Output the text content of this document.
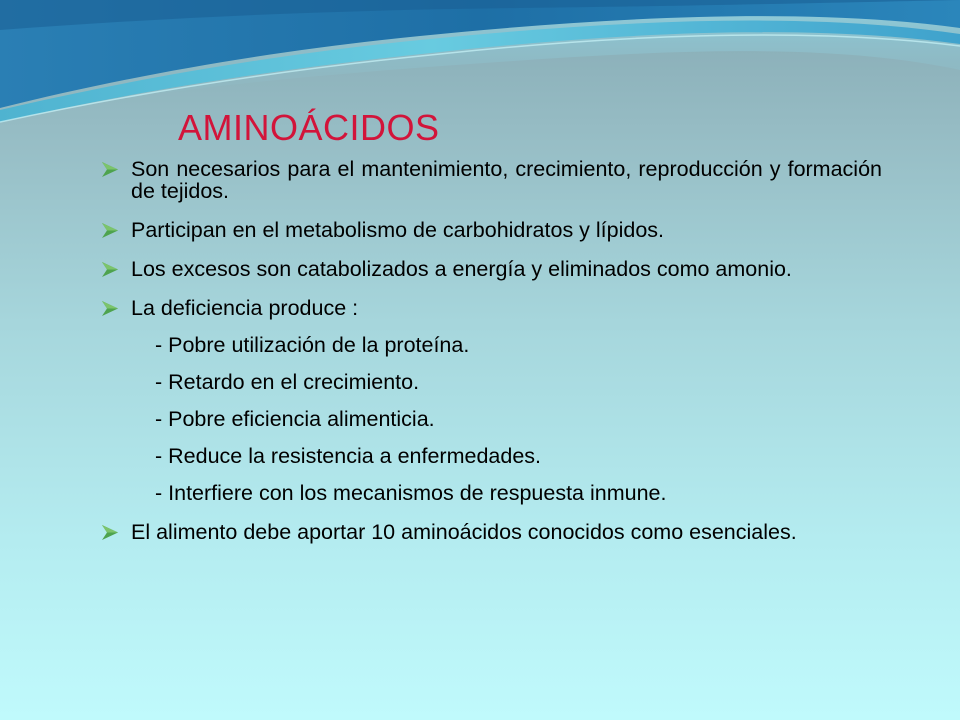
AMINOÁCIDOS
Son necesarios para el mantenimiento, crecimiento, reproducción y formación de tejidos.
Participan en el metabolismo de carbohidratos y lípidos.
Los excesos son catabolizados a energía y eliminados como amonio.
La deficiencia produce :
- Pobre utilización de la proteína.
- Retardo en el crecimiento.
- Pobre eficiencia alimenticia.
- Reduce la resistencia a enfermedades.
- Interfiere con los mecanismos de respuesta inmune.
El alimento debe aportar 10 aminoácidos conocidos como esenciales.
